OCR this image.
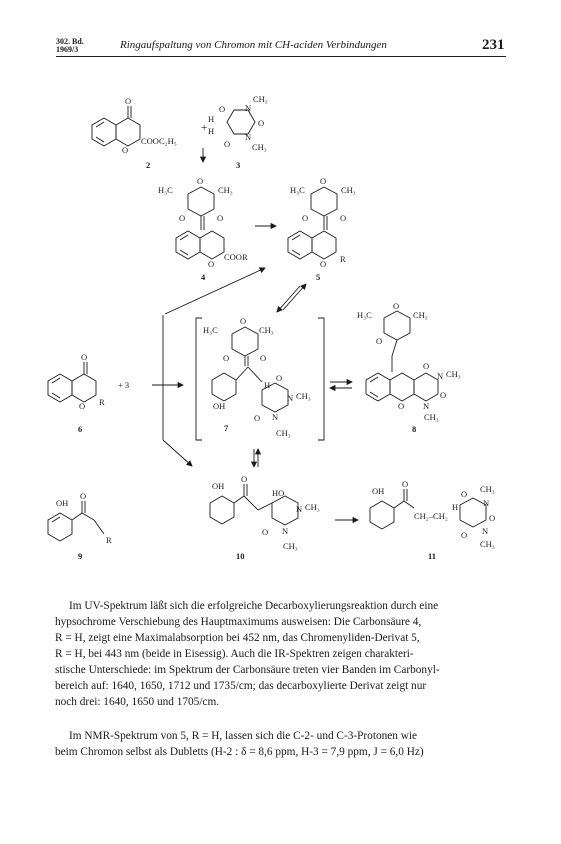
302. Bd.
1969/3	Ringaufspaltung von Chromon mit CH-aciden Verbindungen	231
O
O
COOC₂H₅
2
+
O N
CH₃
H
H
O
N
O	CH₃
3
H₃C
O
CH₃
O	O
O
COOR
4
H₃C
O
CH₃
O	O
O R
5
O
O R
+ 3
6
H₃C
O
CH₃
O	O
OH
H
O
N CH₃
O N
CH₃
7
H₃C
O
CH₃
O
O
N CH₃
O
O N
CH₃
8
OH
O
R
9
OH
O
HO
N CH₃
O N
CH₃
10
OH
O
CH₂–CH₂
H
O
N
CH₃
O
N
O
CH₃
11
Im UV-Spektrum läßt sich die erfolgreiche Decarboxylierungsreaktion durch eine
hypsochrome Verschiebung des Hauptmaximums ausweisen: Die Carbonsäure 4,
R = H, zeigt eine Maximalabsorption bei 452 nm, das Chromenyliden-Derivat 5,
R = H, bei 443 nm (beide in Eisessig). Auch die IR-Spektren zeigen charakteri-
stische Unterschiede: im Spektrum der Carbonsäure treten vier Banden im Carbonyl-
bereich auf: 1640, 1650, 1712 und 1735/cm; das decarboxylierte Derivat zeigt nur
noch drei: 1640, 1650 und 1705/cm.
Im NMR-Spektrum von 5, R = H, lassen sich die C-2- und C-3-Protonen wie
beim Chromon selbst als Dubletts (H-2 : δ = 8,6 ppm, H-3 = 7,9 ppm, J = 6,0 Hz)
